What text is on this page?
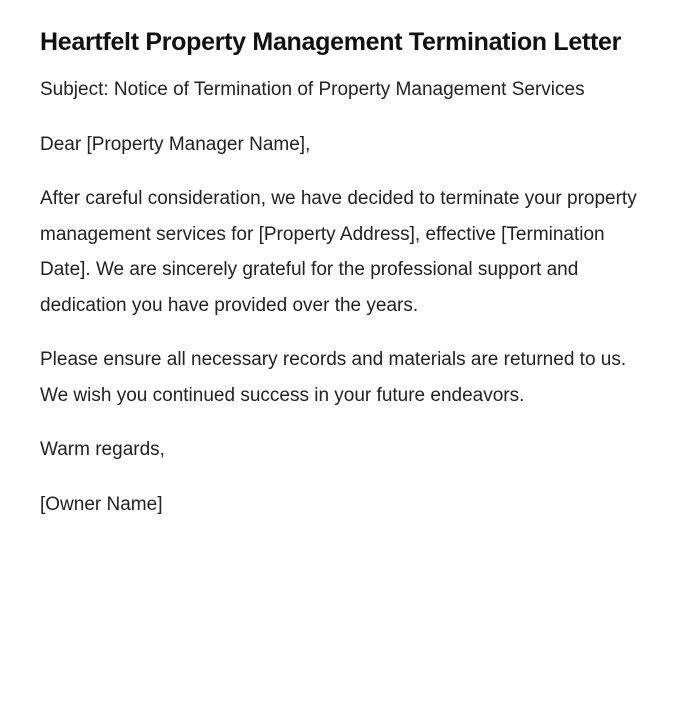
Heartfelt Property Management Termination Letter

Subject: Notice of Termination of Property Management Services

Dear [Property Manager Name],

After careful consideration, we have decided to terminate your property management services for [Property Address], effective [Termination Date]. We are sincerely grateful for the professional support and dedication you have provided over the years.

Please ensure all necessary records and materials are returned to us. We wish you continued success in your future endeavors.

Warm regards,

[Owner Name]
